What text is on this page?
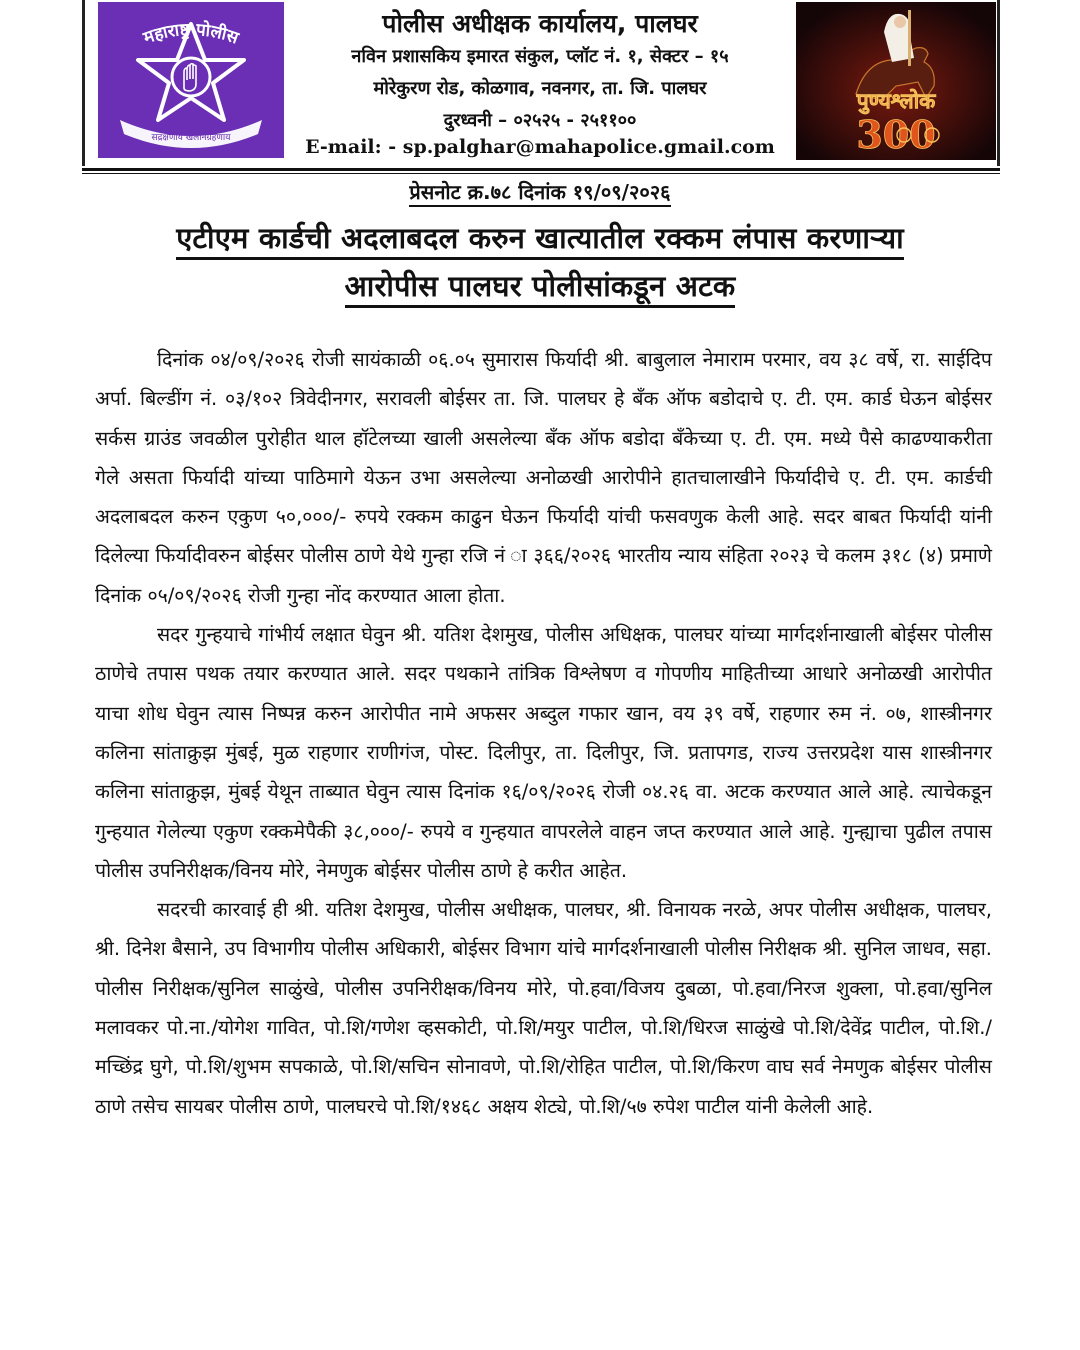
महाराष्ट्र पोलीस
सद्रक्षणाय खलनिग्रहणाय
पोलीस अधीक्षक कार्यालय, पालघर
नविन प्रशासकिय इमारत संकुल, प्लॉट नं. १, सेक्टर – १५
मोरेकुरण रोड, कोळगाव, नवनगर, ता. जि. पालघर
दुरध्वनी – ०२५२५ - २५११००
E-mail: - sp.palghar@mahapolice.gmail.com
पुण्यश्लोक
300
प्रेसनोट क्र.७८ दिनांक १९/०९/२०२६
एटीएम कार्डची अदलाबदल करुन खात्यातील रक्कम लंपास करणाऱ्या
आरोपीस पालघर पोलीसांकडून अटक

दिनांक ०४/०९/२०२६ रोजी सायंकाळी ०६.०५ सुमारास फिर्यादी श्री. बाबुलाल नेमाराम परमार, वय ३८ वर्षे, रा. साईदिप अर्पा. बिल्डींग नं. ०३/१०२ त्रिवेदीनगर, सरावली बोईसर ता. जि. पालघर हे बँक ऑफ बडोदाचे ए. टी. एम. कार्ड घेऊन बोईसर सर्कस ग्राउंड जवळील पुरोहीत थाल हॉटेलच्या खाली असलेल्या बँक ऑफ बडोदा बँकेच्या ए. टी. एम. मध्ये पैसे काढण्याकरीता गेले असता फिर्यादी यांच्या पाठिमागे येऊन उभा असलेल्या अनोळखी आरोपीने हातचालाखीने फिर्यादीचे ए. टी. एम. कार्डची अदलाबदल करुन एकुण ५०,०००/- रुपये रक्कम काढुन घेऊन फिर्यादी यांची फसवणुक केली आहे. सदर बाबत फिर्यादी यांनी दिलेल्या फिर्यादीवरुन बोईसर पोलीस ठाणे येथे गुन्हा रजि नं ा ३६६/२०२६ भारतीय न्याय संहिता २०२३ चे कलम ३१८ (४) प्रमाणे दिनांक ०५/०९/२०२६ रोजी गुन्हा नोंद करण्यात आला होता.

सदर गुन्हयाचे गांभीर्य लक्षात घेवुन श्री. यतिश देशमुख, पोलीस अधिक्षक, पालघर यांच्या मार्गदर्शनाखाली बोईसर पोलीस ठाणेचे तपास पथक तयार करण्यात आले. सदर पथकाने तांत्रिक विश्लेषण व गोपणीय माहितीच्या आधारे अनोळखी आरोपीत याचा शोध घेवुन त्यास निष्पन्न करुन आरोपीत नामे अफसर अब्दुल गफार खान, वय ३९ वर्षे, राहणार रुम नं. ०७, शास्त्रीनगर कलिना सांताक्रुझ मुंबई, मुळ राहणार राणीगंज, पोस्ट. दिलीपुर, ता. दिलीपुर, जि. प्रतापगड, राज्य उत्तरप्रदेश यास शास्त्रीनगर कलिना सांताक्रुझ, मुंबई येथून ताब्यात घेवुन त्यास दिनांक १६/०९/२०२६ रोजी ०४.२६ वा. अटक करण्यात आले आहे. त्याचेकडून गुन्हयात गेलेल्या एकुण रक्कमेपैकी ३८,०००/- रुपये व गुन्हयात वापरलेले वाहन जप्त करण्यात आले आहे. गुन्ह्याचा पुढील तपास पोलीस उपनिरीक्षक/विनय मोरे, नेमणुक बोईसर पोलीस ठाणे हे करीत आहेत.

सदरची कारवाई ही श्री. यतिश देशमुख, पोलीस अधीक्षक, पालघर, श्री. विनायक नरळे, अपर पोलीस अधीक्षक, पालघर, श्री. दिनेश बैसाने, उप विभागीय पोलीस अधिकारी, बोईसर विभाग यांचे मार्गदर्शनाखाली पोलीस निरीक्षक श्री. सुनिल जाधव, सहा. पोलीस निरीक्षक/सुनिल साळुंखे, पोलीस उपनिरीक्षक/विनय मोरे, पो.हवा/विजय दुबळा, पो.हवा/निरज शुक्ला, पो.हवा/सुनिल मलावकर पो.ना./योगेश गावित, पो.शि/गणेश व्हसकोटी, पो.शि/मयुर पाटील, पो.शि/धिरज साळुंखे पो.शि/देवेंद्र पाटील, पो.शि./मच्छिंद्र घुगे, पो.शि/शुभम सपकाळे, पो.शि/सचिन सोनावणे, पो.शि/रोहित पाटील, पो.शि/किरण वाघ सर्व नेमणुक बोईसर पोलीस ठाणे तसेच सायबर पोलीस ठाणे, पालघरचे पो.शि/१४६८ अक्षय शेट्ये, पो.शि/५७ रुपेश पाटील यांनी केलेली आहे.
